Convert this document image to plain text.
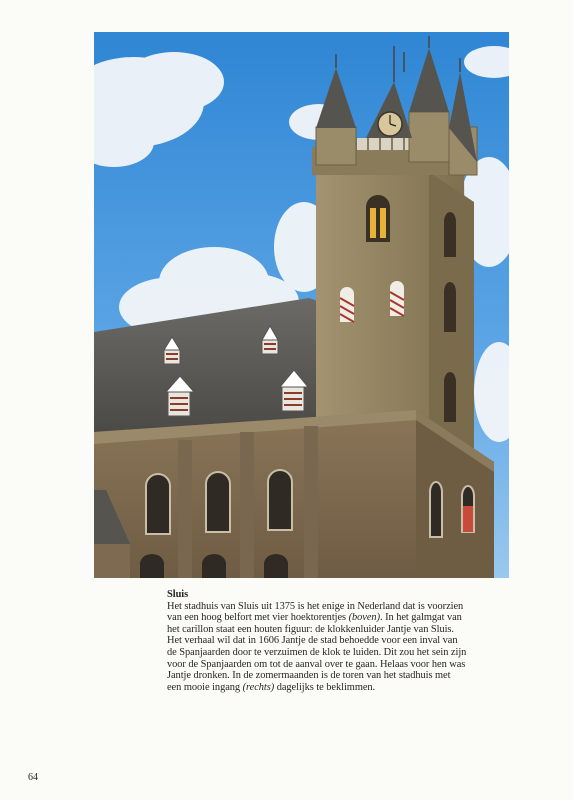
Sluis

Het stadhuis van Sluis uit 1375 is het enige in Nederland dat is voorzien van een hoog belfort met vier hoektorentjes (boven). In het galmgat van het carillon staat een houten figuur: de klokkenluider Jantje van Sluis. Het verhaal wil dat in 1606 Jantje de stad behoedde voor een inval van de Spanjaarden door te verzuimen de klok te luiden. Dit zou het sein zijn voor de Spanjaarden om tot de aanval over te gaan. Helaas voor hen was Jantje dronken. In de zomermaanden is de toren van het stadhuis met een mooie ingang (rechts) dagelijks te beklimmen.

64
